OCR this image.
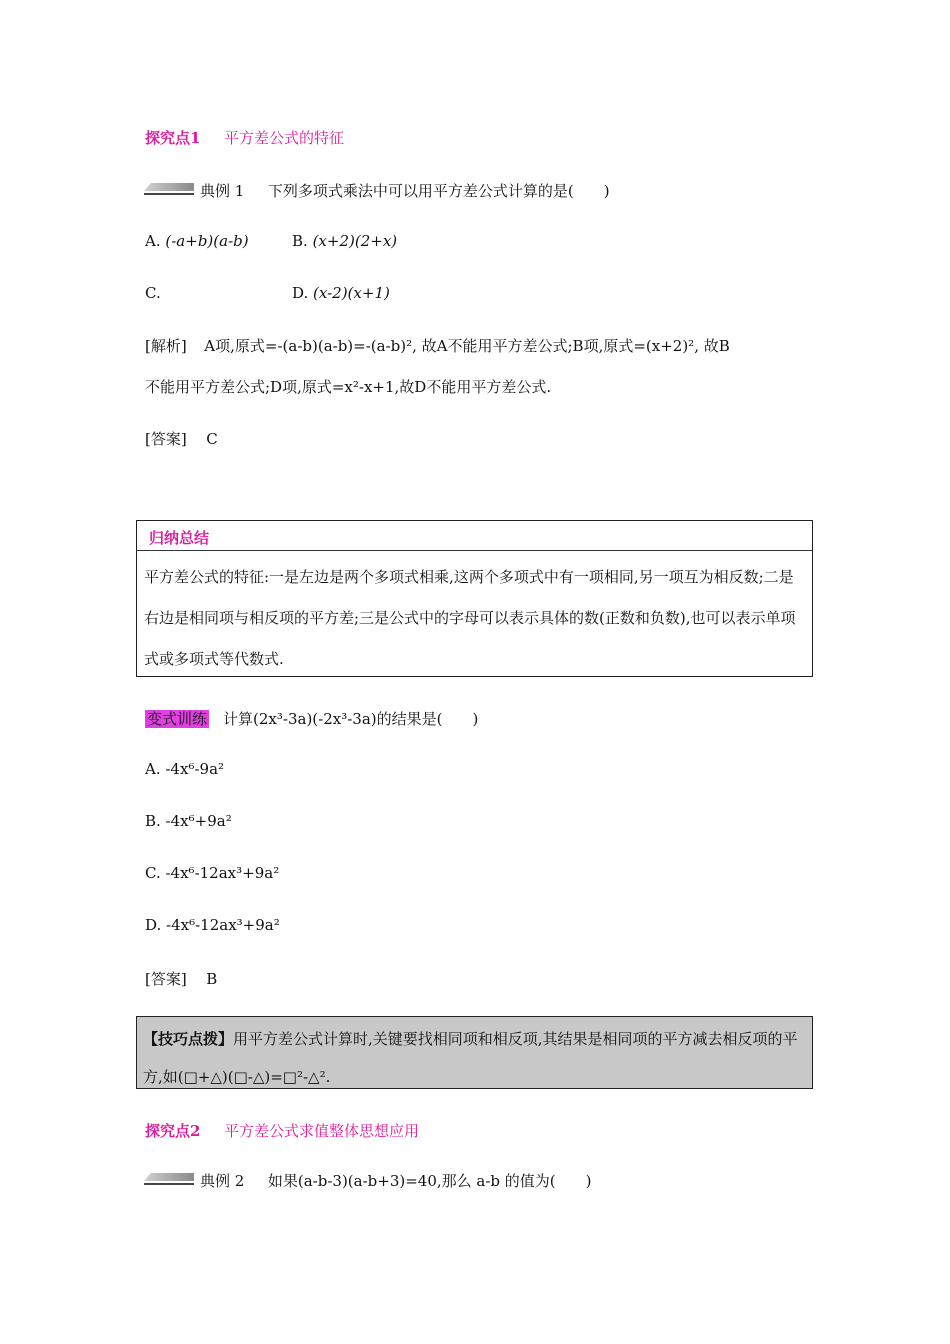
探究点1 平方差公式的特征
典例 1 下列多项式乘法中可以用平方差公式计算的是(　　)
A. (-a+b)(a-b)	B. (x+2)(2+x)
C.	D. (x-2)(x+1)
[解析] A项,原式=-(a-b)(a-b)=-(a-b)², 故A不能用平方差公式;B项,原式=(x+2)², 故B
不能用平方差公式;D项,原式=x²-x+1,故D不能用平方差公式.
[答案] C
归纳总结
平方差公式的特征:一是左边是两个多项式相乘,这两个多项式中有一项相同,另一项互为相反数;二是右边是相同项与相反项的平方差;三是公式中的字母可以表示具体的数(正数和负数),也可以表示单项式或多项式等代数式.
变式训练 计算(2x³-3a)(-2x³-3a)的结果是(　　)
A. -4x⁶-9a²
B. -4x⁶+9a²
C. -4x⁶-12ax³+9a²
D. -4x⁶-12ax³+9a²
[答案] B
【技巧点拨】用平方差公式计算时,关键要找相同项和相反项,其结果是相同项的平方减去相反项的平方,如(□+△)(□-△)=□²-△².
探究点2 平方差公式求值整体思想应用
典例 2 如果(a-b-3)(a-b+3)=40,那么 a-b 的值为(　　)
